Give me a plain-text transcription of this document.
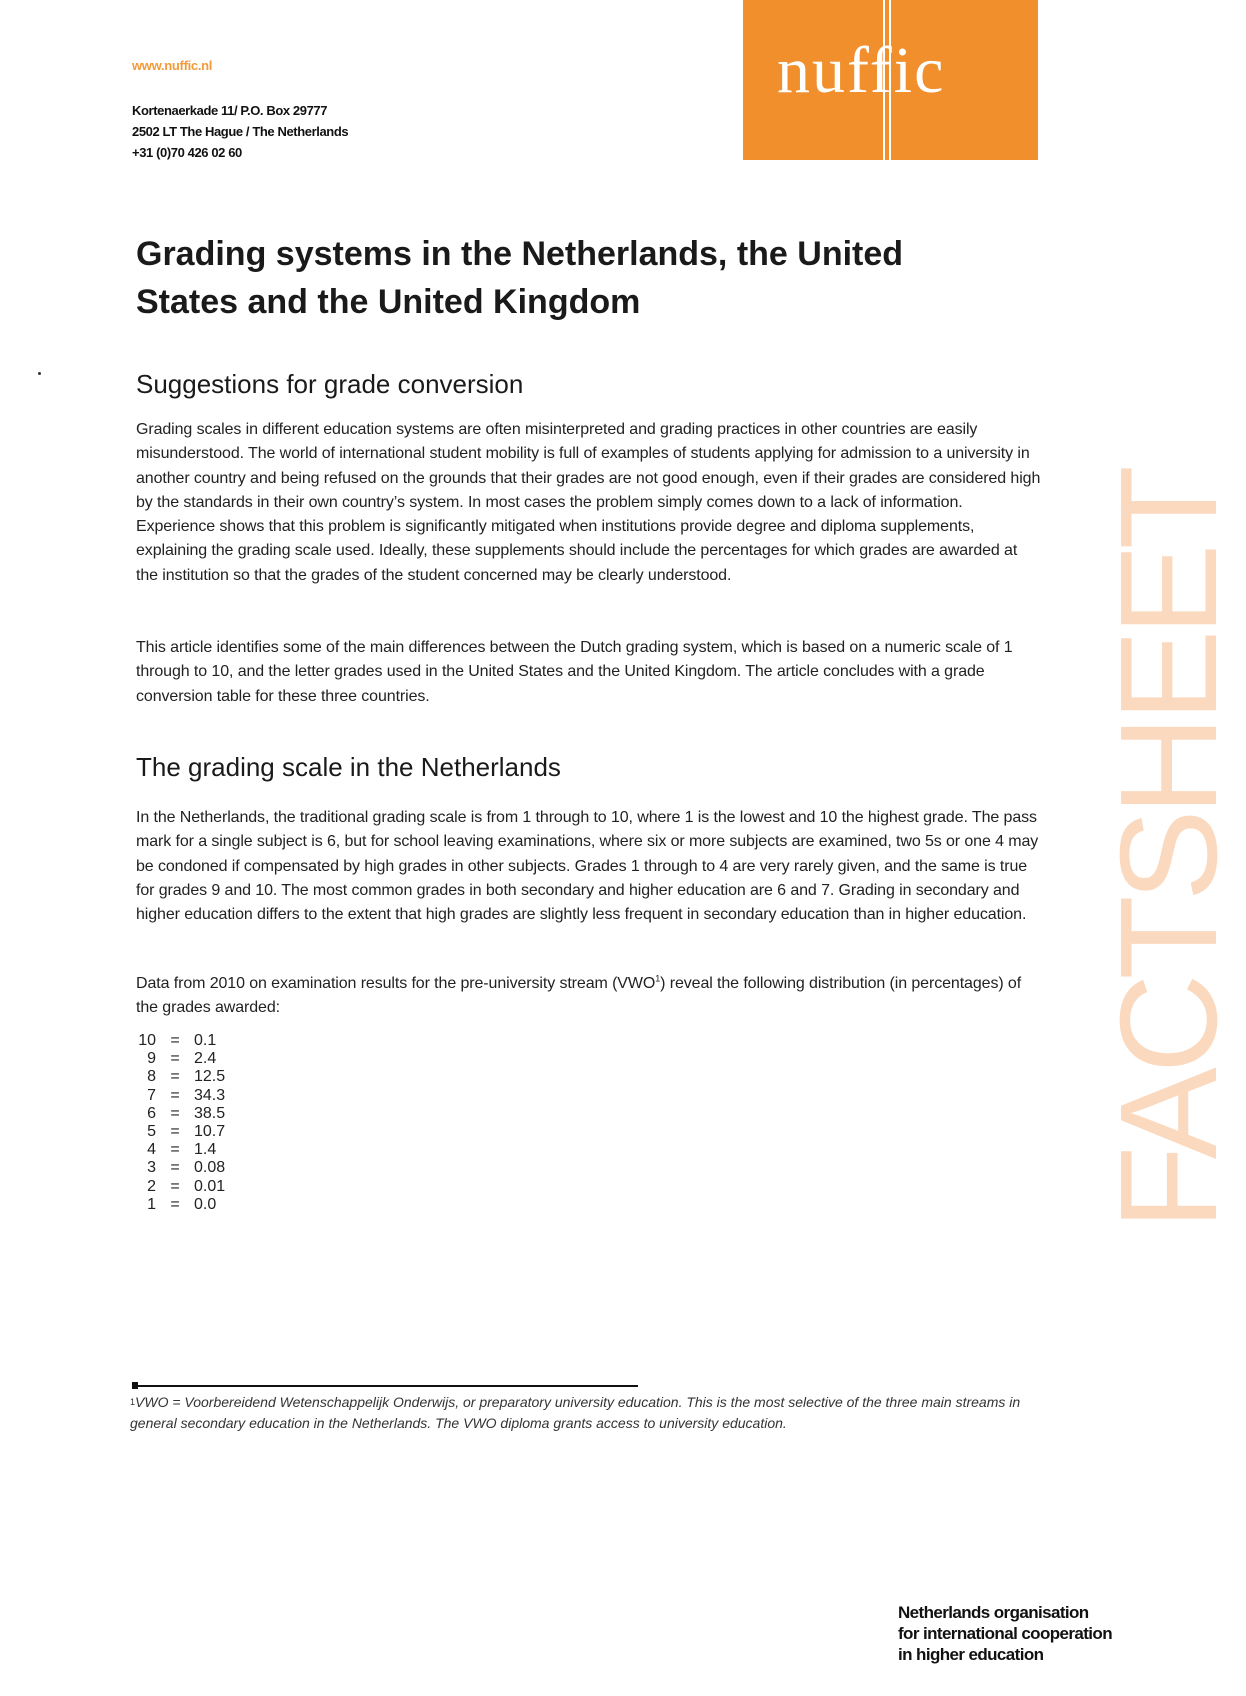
www.nuffic.nl
Kortenaerkade 11/ P.O. Box 29777
2502 LT The Hague / The Netherlands
+31 (0)70 426 02 60
nuffic
FACTSHEET
Grading systems in the Netherlands, the United States and the United Kingdom
Suggestions for grade conversion
Grading scales in different education systems are often misinterpreted and grading practices in other countries are easily misunderstood. The world of international student mobility is full of examples of students applying for admission to a university in another country and being refused on the grounds that their grades are not good enough, even if their grades are considered high by the standards in their own country’s system. In most cases the problem simply comes down to a lack of information. Experience shows that this problem is significantly mitigated when institutions provide degree and diploma supplements, explaining the grading scale used. Ideally, these supplements should include the percentages for which grades are awarded at the institution so that the grades of the student concerned may be clearly understood.
This article identifies some of the main differences between the Dutch grading system, which is based on a numeric scale of 1 through to 10, and the letter grades used in the United States and the United Kingdom. The article concludes with a grade conversion table for these three countries.
The grading scale in the Netherlands
In the Netherlands, the traditional grading scale is from 1 through to 10, where 1 is the lowest and 10 the highest grade. The pass mark for a single subject is 6, but for school leaving examinations, where six or more subjects are examined, two 5s or one 4 may be condoned if compensated by high grades in other subjects. Grades 1 through to 4 are very rarely given, and the same is true for grades 9 and 10. The most common grades in both secondary and higher education are 6 and 7. Grading in secondary and higher education differs to the extent that high grades are slightly less frequent in secondary education than in higher education.
Data from 2010 on examination results for the pre-university stream (VWO$^1$) reveal the following distribution (in percentages) of the grades awarded:
10 = 0.1
9 = 2.4
8 = 12.5
7 = 34.3
6 = 38.5
5 = 10.7
4 = 1.4
3 = 0.08
2 = 0.01
1 = 0.0
$^1$VWO = Voorbereidend Wetenschappelijk Onderwijs, or preparatory university education. This is the most selective of the three main streams in general secondary education in the Netherlands. The VWO diploma grants access to university education.
Netherlands organisation
for international cooperation
in higher education
